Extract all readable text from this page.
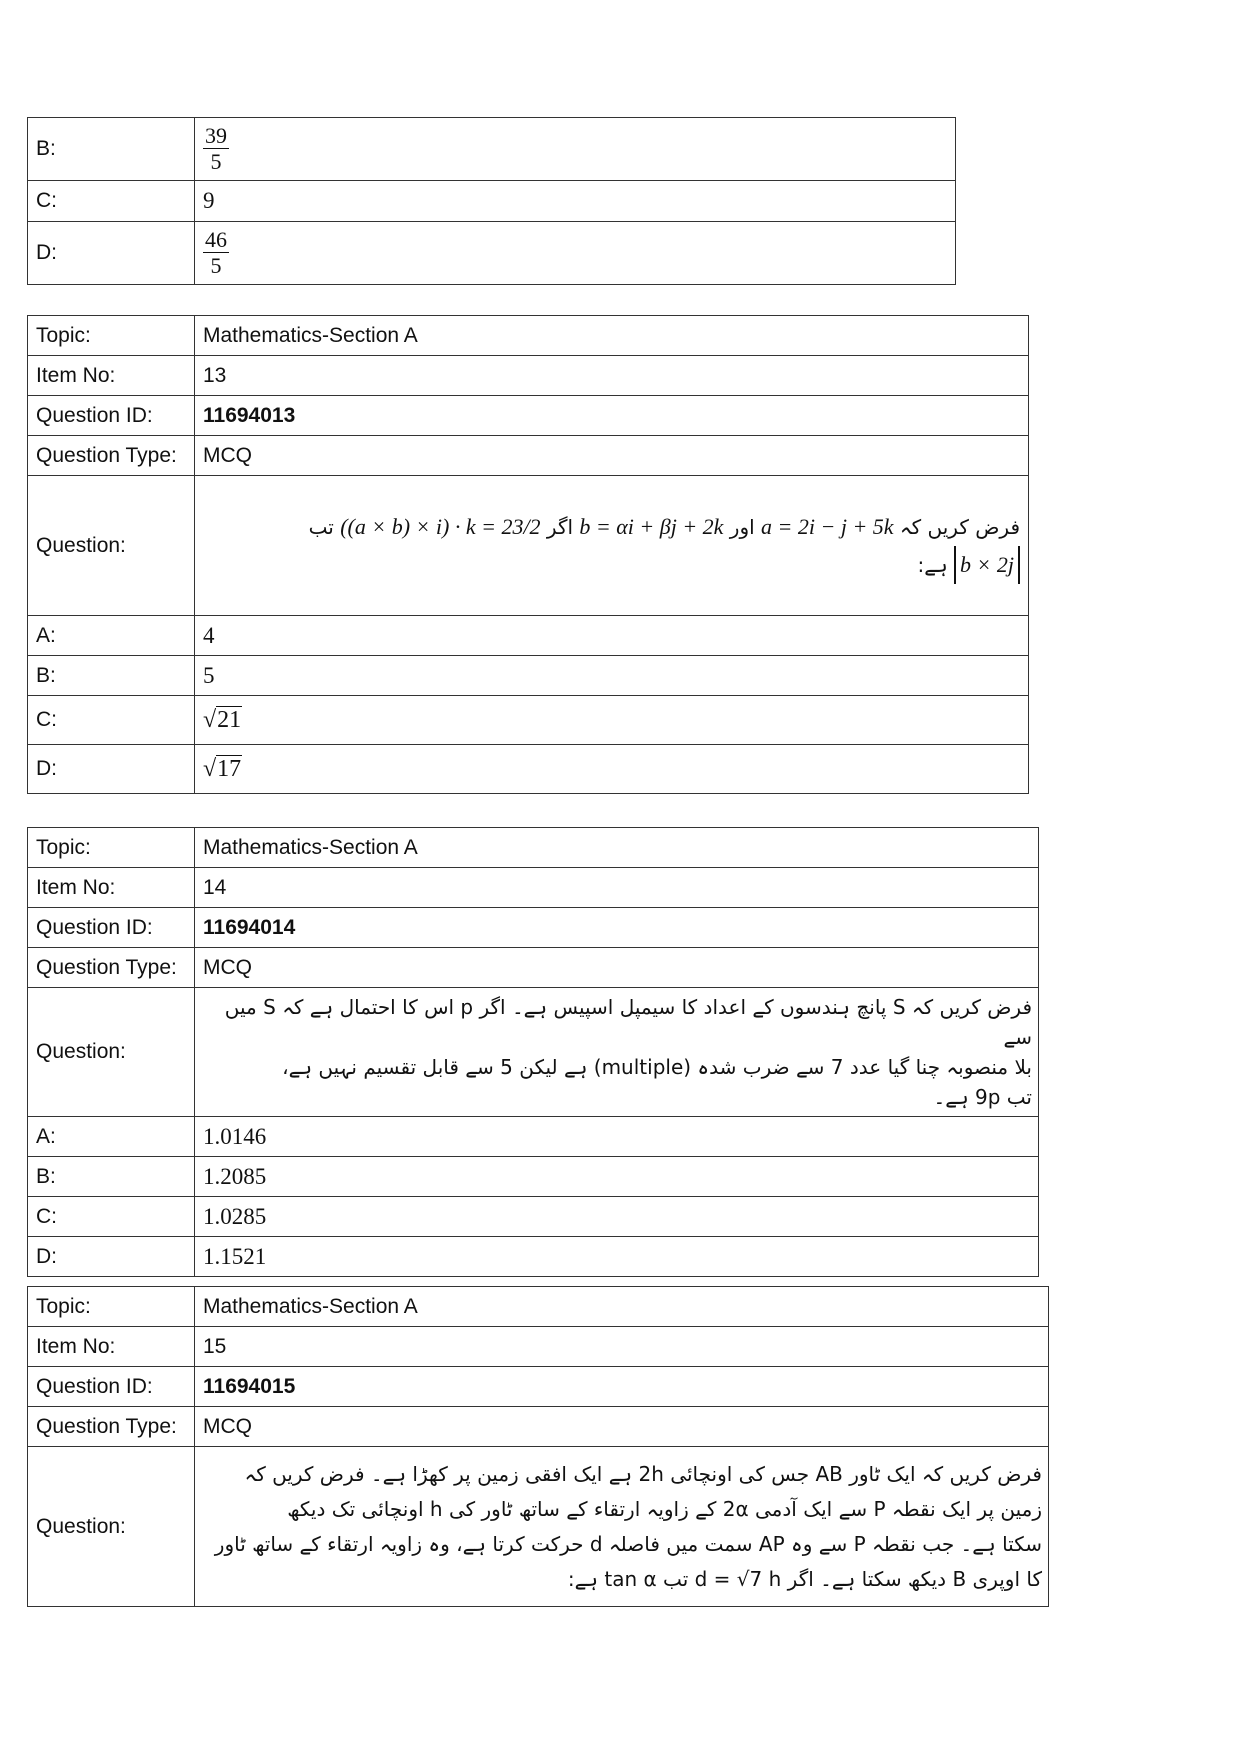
B:	$\frac{39}{5}$

C:	9
D:	$\frac{46}{5}$
Topic:	Mathematics-Section A
Item No:	13
Question ID:	11694013
Question Type:	MCQ
Question:	فرض کریں کہ a = 2i − j + 5k اور b = αi + βj + 2k اگر ((a × b) × i) · k = 23/2 تب
b × 2j ہے:

A:	4
B:	5
C:	√21
D:	√17
Topic:	Mathematics-Section A
Item No:	14
Question ID:	11694014
Question Type:	MCQ
Question:	فرض کریں کہ S پانچ ہندسوں کے اعداد کا سیمپل اسپیس ہے۔ اگر p اس کا احتمال ہے کہ S میں سے
بلا منصوبہ چنا گیا عدد 7 سے ضرب شدہ (multiple) ہے لیکن 5 سے قابل تقسیم نہیں ہے،
تب 9p ہے۔

A:	1.0146
B:	1.2085
C:	1.0285
D:	1.1521
Topic:	Mathematics-Section A
Item No:	15
Question ID:	11694015
Question Type:	MCQ
Question:	فرض کریں کہ ایک ٹاور AB جس کی اونچائی 2h ہے ایک افقی زمین پر کھڑا ہے۔ فرض کریں کہ
زمین پر ایک نقطہ P سے ایک آدمی 2α کے زاویہ ارتقاء کے ساتھ ٹاور کی h اونچائی تک دیکھ
سکتا ہے۔ جب نقطہ P سے وہ AP سمت میں فاصلہ d حرکت کرتا ہے، وہ زاویہ ارتقاء کے ساتھ ٹاور
کا اوپری B دیکھ سکتا ہے۔ اگر d = √7 h تب tan α ہے:
